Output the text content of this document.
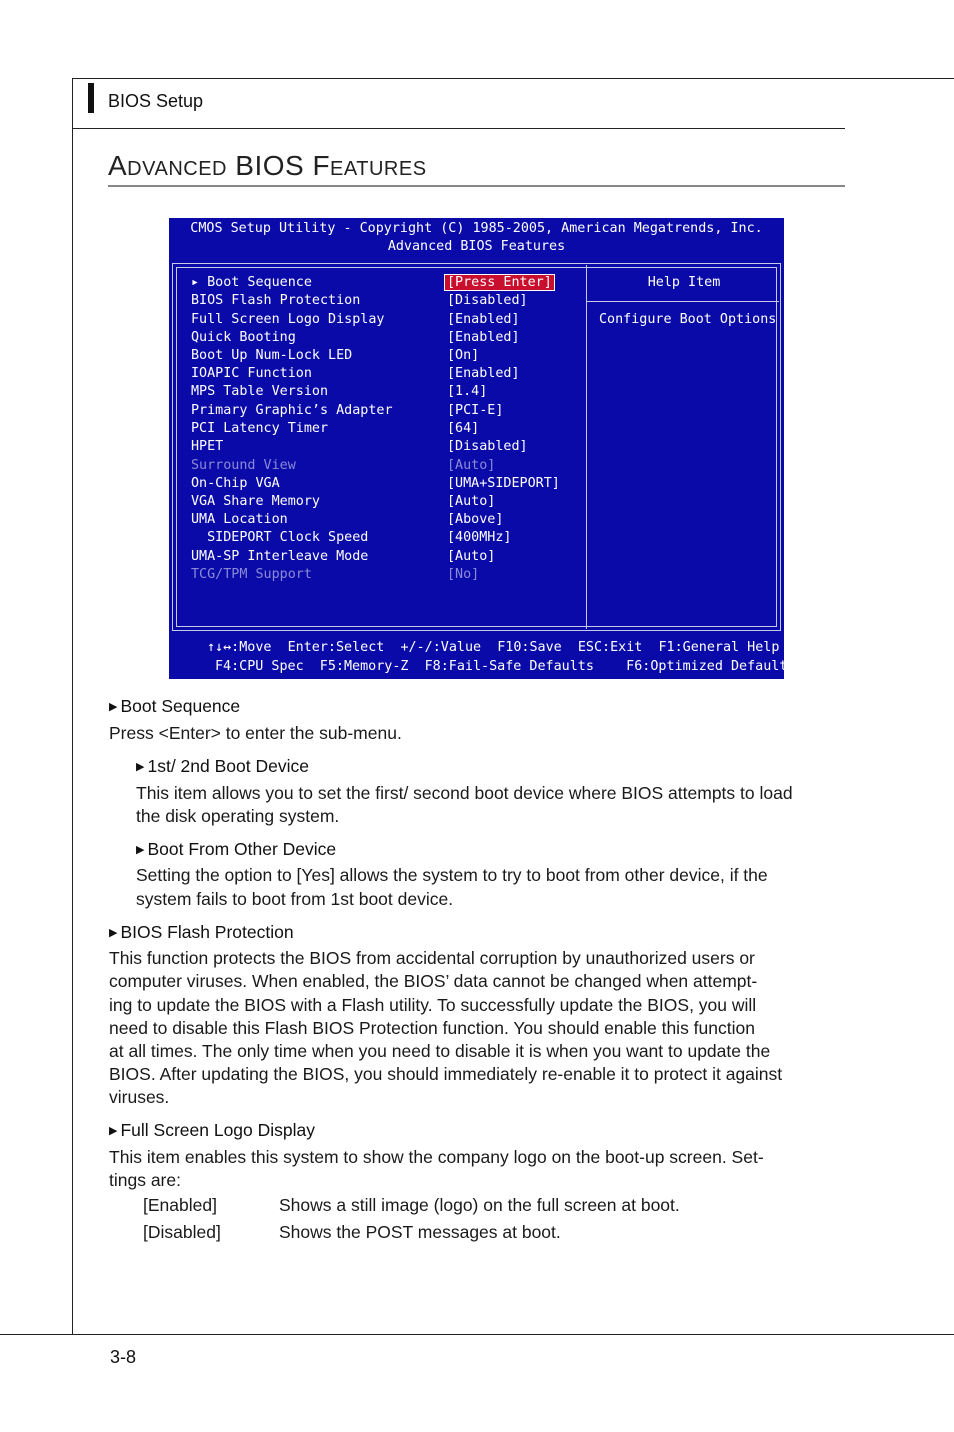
BIOS Setup
Advanced BIOS Features
CMOS Setup Utility - Copyright (C) 1985-2005, American Megatrends, Inc.
Advanced BIOS Features
▸ Boot Sequence	[Press Enter]
BIOS Flash Protection	[Disabled]
Full Screen Logo Display	[Enabled]
Quick Booting	[Enabled]
Boot Up Num-Lock LED	[On]
IOAPIC Function	[Enabled]
MPS Table Version	[1.4]
Primary Graphic’s Adapter	[PCI-E]
PCI Latency Timer	[64]
HPET	[Disabled]
Surround View	[Auto]
On-Chip VGA	[UMA+SIDEPORT]
VGA Share Memory	[Auto]
UMA Location	[Above]
SIDEPORT Clock Speed	[400MHz]
UMA-SP Interleave Mode	[Auto]
TCG/TPM Support	[No]
Help Item
Configure Boot Options
↑↓↔:Move  Enter:Select  +/-/:Value  F10:Save  ESC:Exit  F1:General Help
F4:CPU Spec  F5:Memory-Z  F8:Fail-Safe Defaults    F6:Optimized Defaults
▶ Boot Sequence
Press <Enter> to enter the sub-menu.
▶ 1st/ 2nd Boot Device
This item allows you to set the first/ second boot device where BIOS attempts to load
the disk operating system.
▶ Boot From Other Device
Setting the option to [Yes] allows the system to try to boot from other device, if the
system fails to boot from 1st boot device.
▶ BIOS Flash Protection
This function protects the BIOS from accidental corruption by unauthorized users or
computer viruses. When enabled, the BIOS’ data cannot be changed when attempt-
ing to update the BIOS with a Flash utility. To successfully update the BIOS, you will
need to disable this Flash BIOS Protection function. You should enable this function
at all times. The only time when you need to disable it is when you want to update the
BIOS. After updating the BIOS, you should immediately re-enable it to protect it against
viruses.
▶ Full Screen Logo Display
This item enables this system to show the company logo on the boot-up screen. Set-
tings are:
[Enabled]	Shows a still image (logo) on the full screen at boot.
[Disabled]	Shows the POST messages at boot.
3-8
